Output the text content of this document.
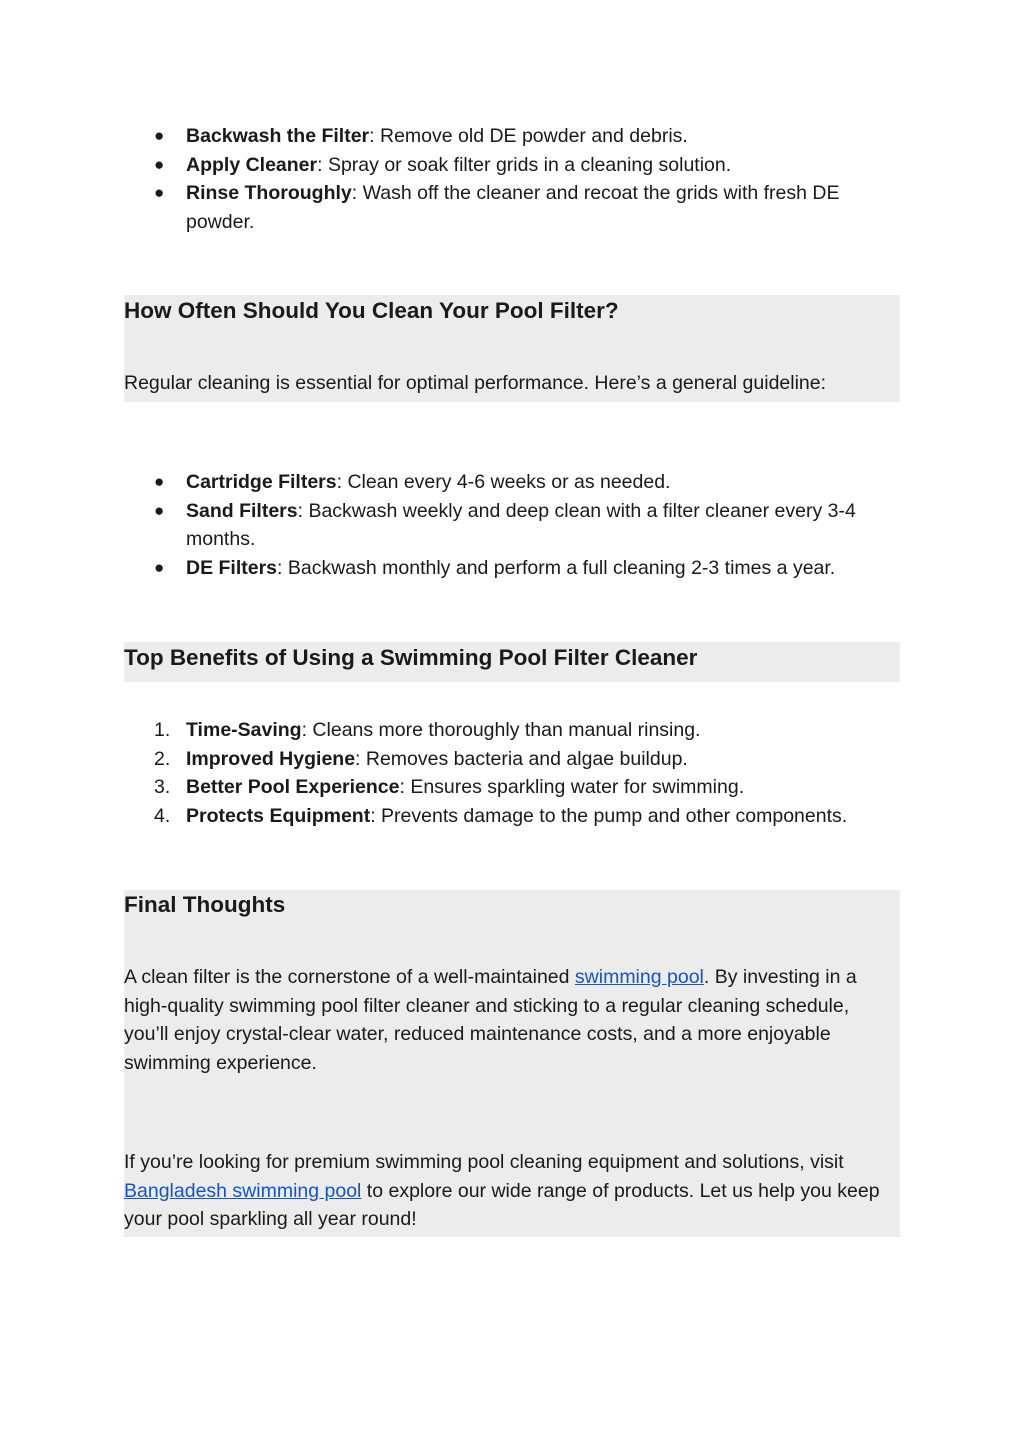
● Backwash the Filter: Remove old DE powder and debris.
● Apply Cleaner: Spray or soak filter grids in a cleaning solution.
● Rinse Thoroughly: Wash off the cleaner and recoat the grids with fresh DE powder.
How Often Should You Clean Your Pool Filter?
Regular cleaning is essential for optimal performance. Here’s a general guideline:
● Cartridge Filters: Clean every 4-6 weeks or as needed.
● Sand Filters: Backwash weekly and deep clean with a filter cleaner every 3-4 months.
● DE Filters: Backwash monthly and perform a full cleaning 2-3 times a year.
Top Benefits of Using a Swimming Pool Filter Cleaner
1. Time-Saving: Cleans more thoroughly than manual rinsing.
2. Improved Hygiene: Removes bacteria and algae buildup.
3. Better Pool Experience: Ensures sparkling water for swimming.
4. Protects Equipment: Prevents damage to the pump and other components.
Final Thoughts
A clean filter is the cornerstone of a well-maintained swimming pool. By investing in a high-quality swimming pool filter cleaner and sticking to a regular cleaning schedule, you’ll enjoy crystal-clear water, reduced maintenance costs, and a more enjoyable swimming experience.
If you’re looking for premium swimming pool cleaning equipment and solutions, visit Bangladesh swimming pool to explore our wide range of products. Let us help you keep your pool sparkling all year round!
